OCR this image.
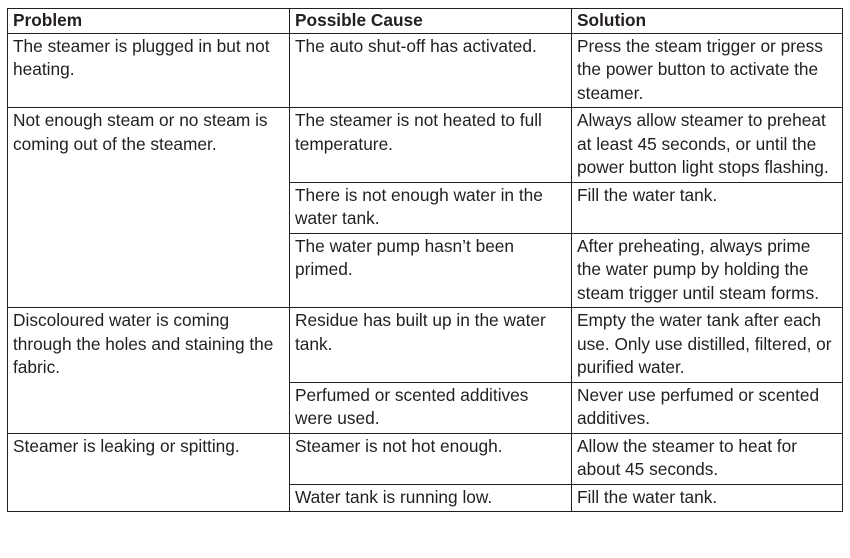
Problem	Possible Cause	Solution
The steamer is plugged in but not heating.	The auto shut-off has activated.	Press the steam trigger or press the power button to activate the steamer.
Not enough steam or no steam is coming out of the steamer.	The steamer is not heated to full temperature.	Always allow steamer to preheat at least 45 seconds, or until the power button light stops flashing.
	There is not enough water in the water tank.	Fill the water tank.
	The water pump hasn’t been primed.	After preheating, always prime the water pump by holding the steam trigger until steam forms.
Discoloured water is coming through the holes and staining the fabric.	Residue has built up in the water tank.	Empty the water tank after each use. Only use distilled, filtered, or purified water.
	Perfumed or scented additives were used.	Never use perfumed or scented additives.
Steamer is leaking or spitting.	Steamer is not hot enough.	Allow the steamer to heat for about 45 seconds.
	Water tank is running low.	Fill the water tank.
